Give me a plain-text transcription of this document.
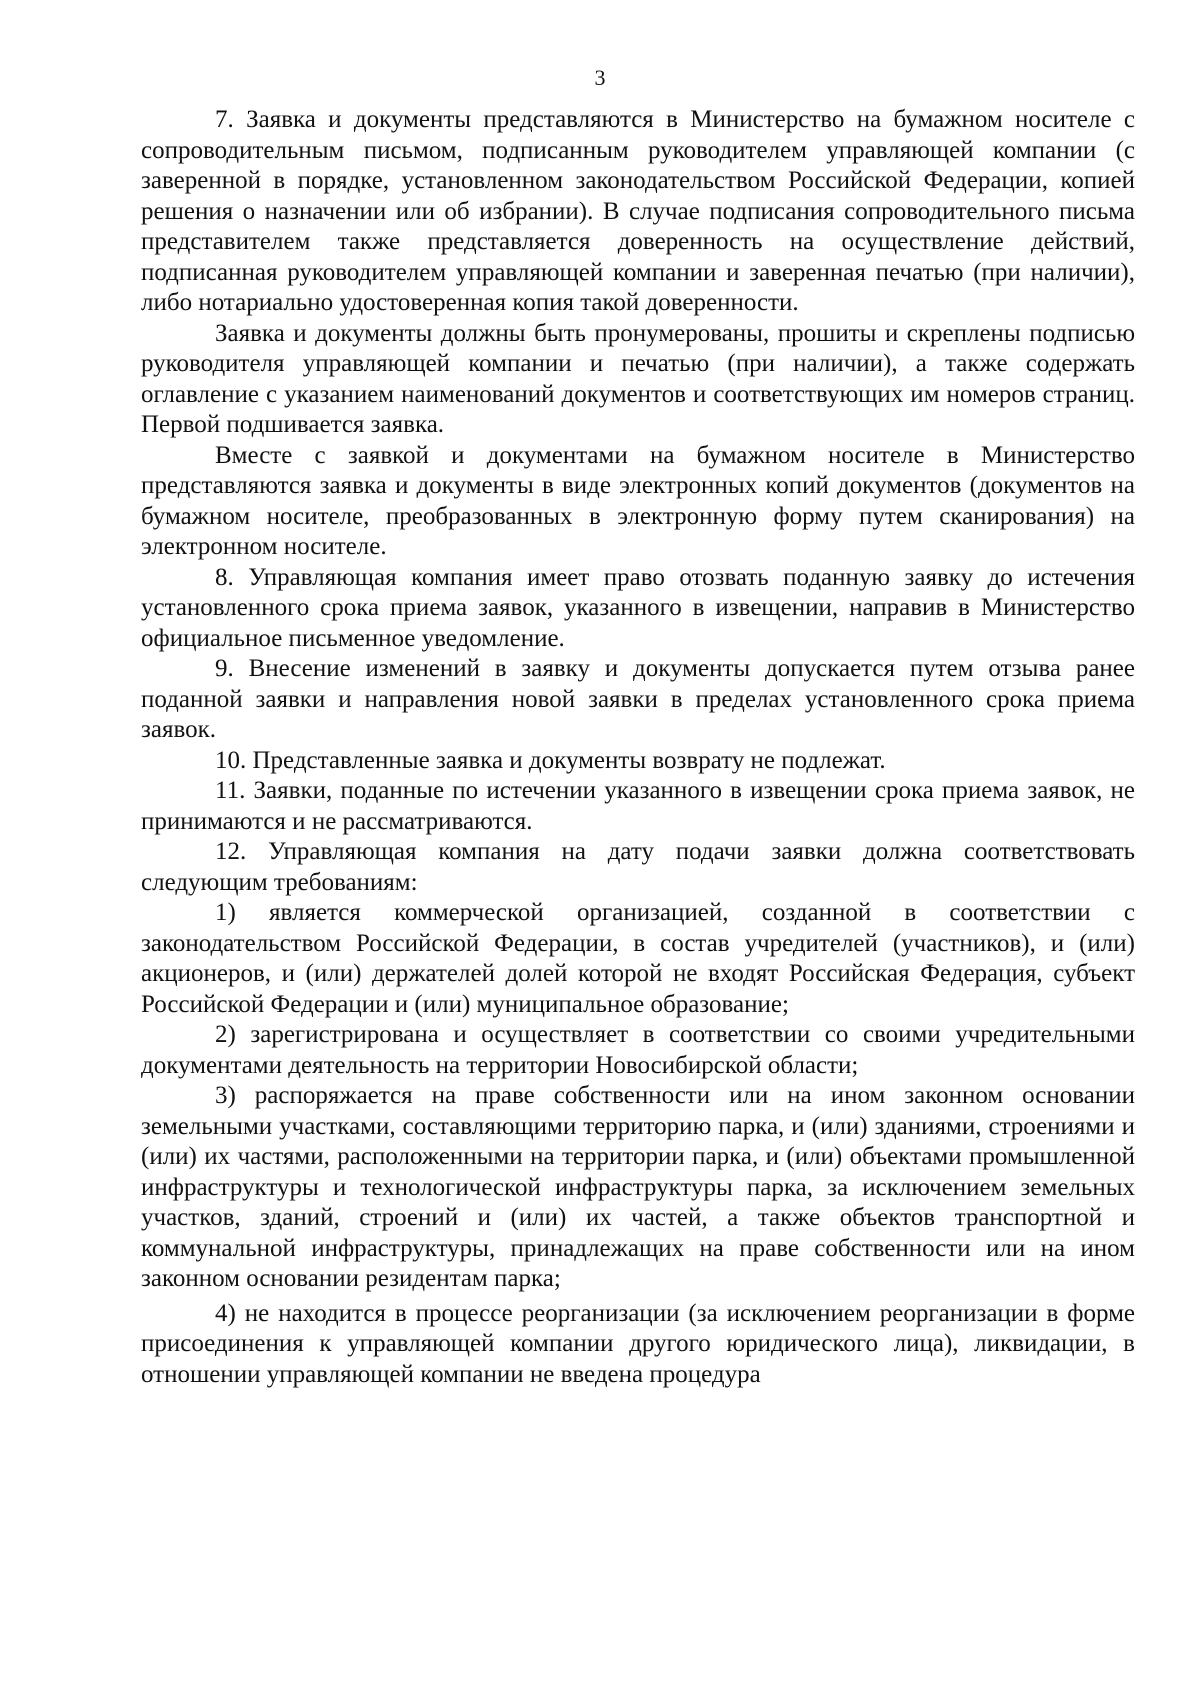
3

7. Заявка и документы представляются в Министерство на бумажном носителе с сопроводительным письмом, подписанным руководителем управляющей компании (с заверенной в порядке, установленном законодательством Российской Федерации, копией решения о назначении или об избрании). В случае подписания сопроводительного письма представителем также представляется доверенность на осуществление действий, подписанная руководителем управляющей компании и заверенная печатью (при наличии), либо нотариально удостоверенная копия такой доверенности.

Заявка и документы должны быть пронумерованы, прошиты и скреплены подписью руководителя управляющей компании и печатью (при наличии), а также содержать оглавление с указанием наименований документов и соответствующих им номеров страниц. Первой подшивается заявка.

Вместе с заявкой и документами на бумажном носителе в Министерство представляются заявка и документы в виде электронных копий документов (документов на бумажном носителе, преобразованных в электронную форму путем сканирования) на электронном носителе.

8. Управляющая компания имеет право отозвать поданную заявку до истечения установленного срока приема заявок, указанного в извещении, направив в Министерство официальное письменное уведомление.

9. Внесение изменений в заявку и документы допускается путем отзыва ранее поданной заявки и направления новой заявки в пределах установленного срока приема заявок.

10. Представленные заявка и документы возврату не подлежат.

11. Заявки, поданные по истечении указанного в извещении срока приема заявок, не принимаются и не рассматриваются.

12. Управляющая компания на дату подачи заявки должна соответствовать следующим требованиям:

1) является коммерческой организацией, созданной в соответствии с законодательством Российской Федерации, в состав учредителей (участников), и (или) акционеров, и (или) держателей долей которой не входят Российская Федерация, субъект Российской Федерации и (или) муниципальное образование;

2) зарегистрирована и осуществляет в соответствии со своими учредительными документами деятельность на территории Новосибирской области;

3) распоряжается на праве собственности или на ином законном основании земельными участками, составляющими территорию парка, и (или) зданиями, строениями и (или) их частями, расположенными на территории парка, и (или) объектами промышленной инфраструктуры и технологической инфраструктуры парка, за исключением земельных участков, зданий, строений и (или) их частей, а также объектов транспортной и коммунальной инфраструктуры, принадлежащих на праве собственности или на ином законном основании резидентам парка;

4) не находится в процессе реорганизации (за исключением реорганизации в форме присоединения к управляющей компании другого юридического лица), ликвидации, в отношении управляющей компании не введена процедура
